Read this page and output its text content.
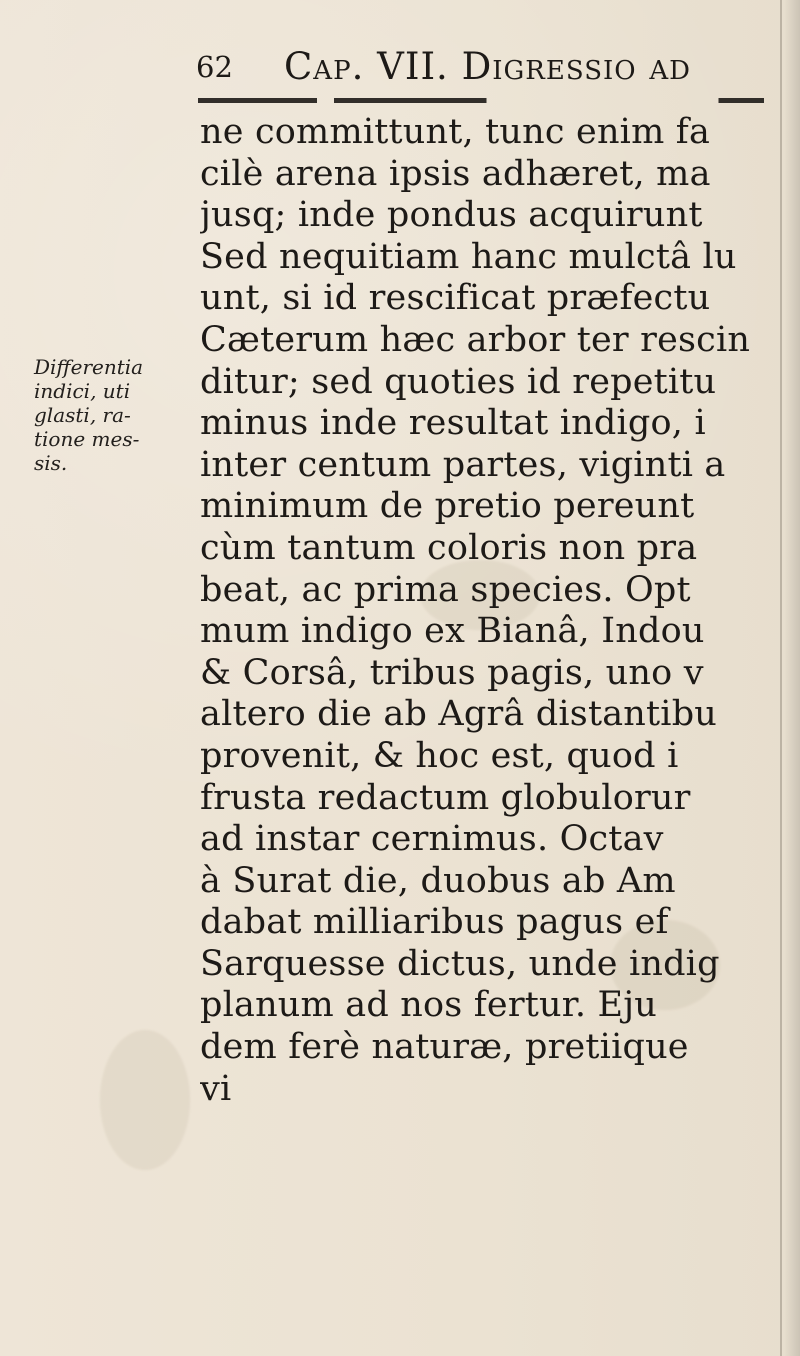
62 Cap. VII. Digressio ad
Differentia
indici, uti
glasti, ra-
tione mes-
sis.
ne committunt, tunc enim fa
cilè arena ipsis adhæret, ma
jusq; inde pondus acquirunt
Sed nequitiam hanc mulctâ lu
unt, si id rescificat præfectu
Cæterum hæc arbor ter rescin
ditur; sed quoties id repetitu
minus inde resultat indigo, i
inter centum partes, viginti a
minimum de pretio pereunt
cùm tantum coloris non pra
beat, ac prima species. Opt
mum indigo ex Bianâ, Indou
& Corsâ, tribus pagis, uno v
altero die ab Agrâ distantibu
provenit, & hoc est, quod i
frusta redactum globulorur
ad instar cernimus. Octav
à Surat die, duobus ab Am
dabat milliaribus pagus ef
Sarquesse dictus, unde indig
planum ad nos fertur. Eju
dem ferè naturæ, pretiique
vi
